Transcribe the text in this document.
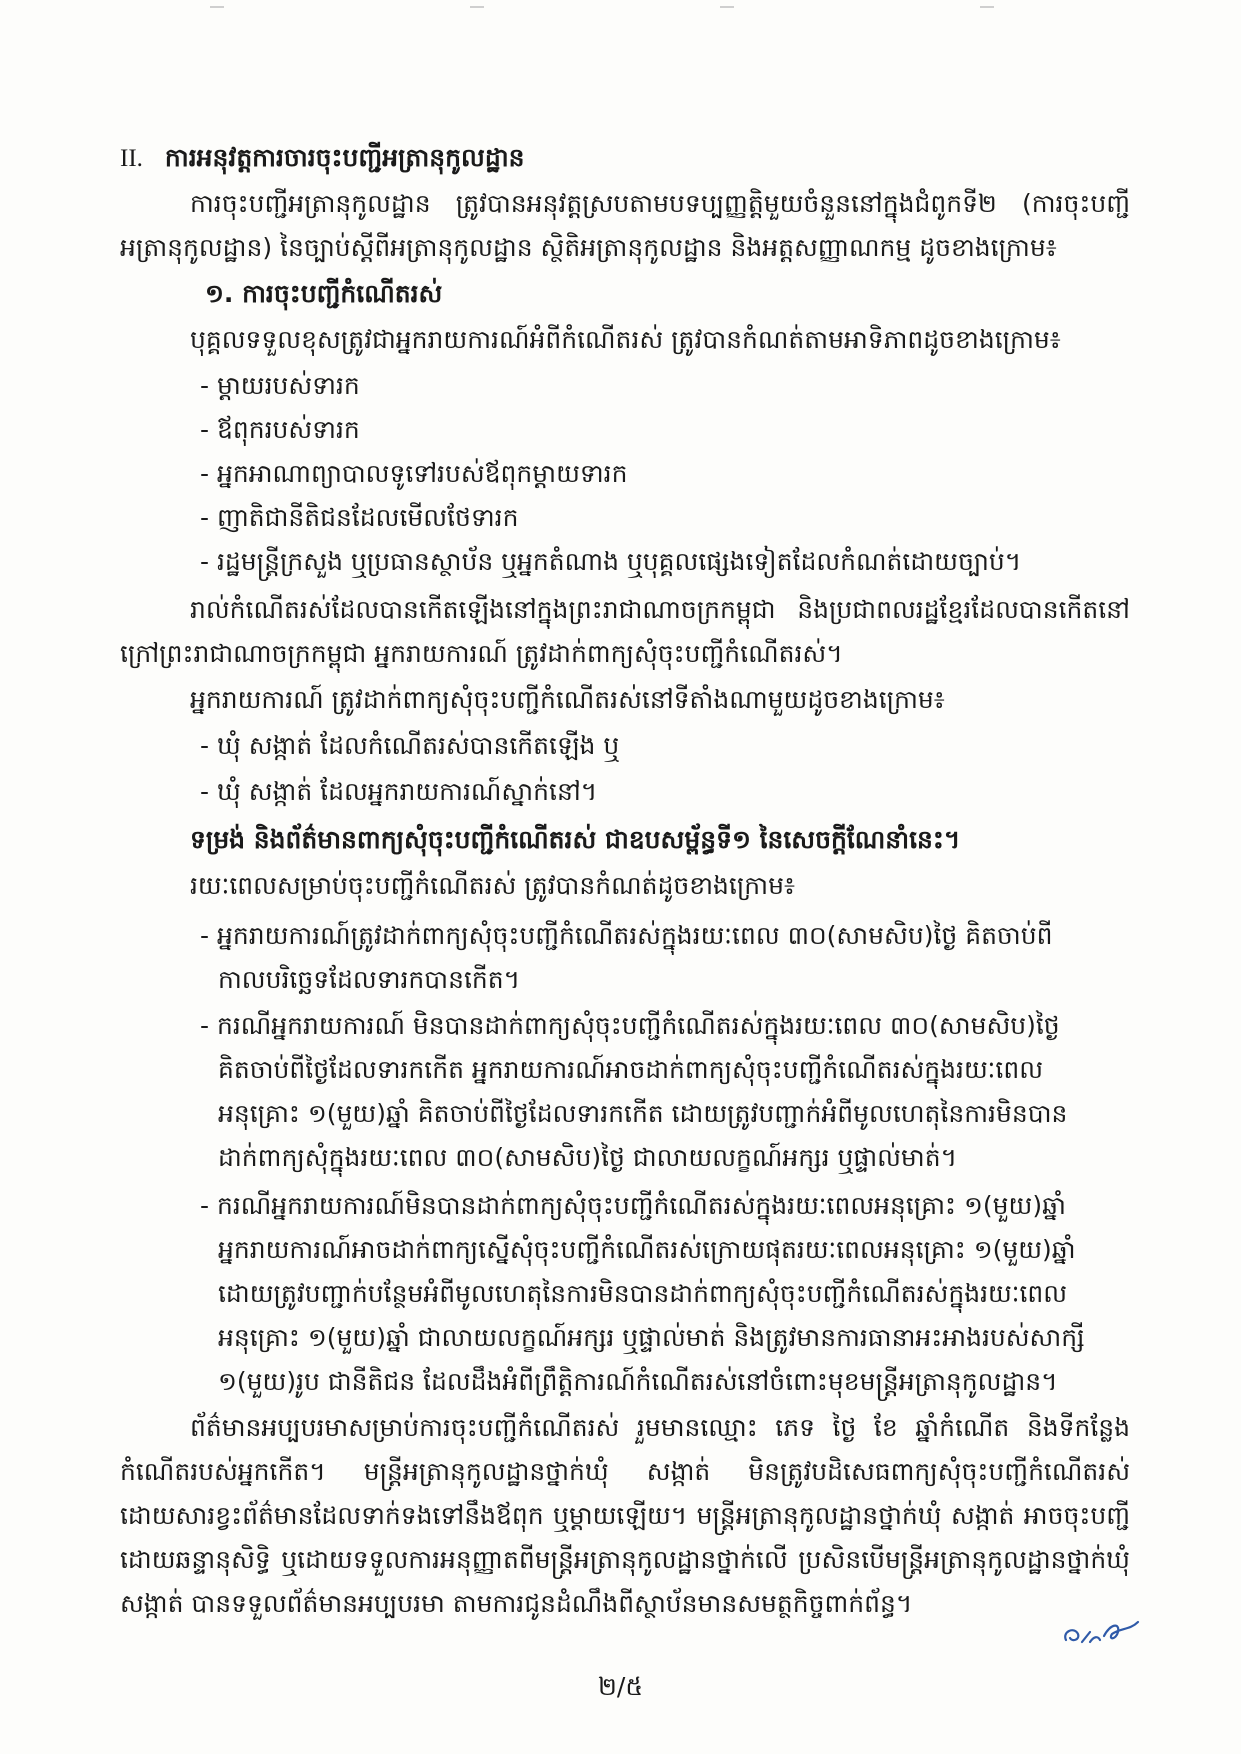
II. ការអនុវត្តការចារចុះបញ្ជីអត្រានុកូលដ្ឋាន
ការចុះបញ្ជីអត្រានុកូលដ្ឋាន ត្រូវបានអនុវត្តស្របតាមបទប្បញ្ញត្តិមួយចំនួននៅក្នុងជំពូកទី២ (ការចុះបញ្ជីអត្រានុកូលដ្ឋាន) នៃច្បាប់ស្តីពីអត្រានុកូលដ្ឋាន ស្ថិតិអត្រានុកូលដ្ឋាន និងអត្តសញ្ញាណកម្ម ដូចខាងក្រោម៖
១. ការចុះបញ្ជីកំណើតរស់
បុគ្គលទទួលខុសត្រូវជាអ្នករាយការណ៍អំពីកំណើតរស់ ត្រូវបានកំណត់តាមអាទិភាពដូចខាងក្រោម៖
- ម្ដាយរបស់ទារក
- ឪពុករបស់ទារក
- អ្នកអាណាព្យាបាលទូទៅរបស់ឪពុកម្ដាយទារក
- ញាតិជានីតិជនដែលមើលថែទារក
- រដ្ឋមន្ត្រីក្រសួង ឬប្រធានស្ថាប័ន ឬអ្នកតំណាង ឬបុគ្គលផ្សេងទៀតដែលកំណត់ដោយច្បាប់។
រាល់កំណើតរស់ដែលបានកើតឡើងនៅក្នុងព្រះរាជាណាចក្រកម្ពុជា និងប្រជាពលរដ្ឋខ្មែរដែលបានកើតនៅក្រៅព្រះរាជាណាចក្រកម្ពុជា អ្នករាយការណ៍ ត្រូវដាក់ពាក្យសុំចុះបញ្ជីកំណើតរស់។
អ្នករាយការណ៍ ត្រូវដាក់ពាក្យសុំចុះបញ្ជីកំណើតរស់នៅទីតាំងណាមួយដូចខាងក្រោម៖
- ឃុំ សង្កាត់ ដែលកំណើតរស់បានកើតឡើង ឬ
- ឃុំ សង្កាត់ ដែលអ្នករាយការណ៍ស្នាក់នៅ។
ទម្រង់ និងព័ត៌មានពាក្យសុំចុះបញ្ជីកំណើតរស់ ជាឧបសម្ព័ន្ធទី១ នៃសេចក្ដីណែនាំនេះ។
រយៈពេលសម្រាប់ចុះបញ្ជីកំណើតរស់ ត្រូវបានកំណត់ដូចខាងក្រោម៖
- អ្នករាយការណ៍ត្រូវដាក់ពាក្យសុំចុះបញ្ជីកំណើតរស់ក្នុងរយៈពេល ៣០(សាមសិប)ថ្ងៃ គិតចាប់ពី
កាលបរិច្ឆេទដែលទារកបានកើត។
- ករណីអ្នករាយការណ៍ មិនបានដាក់ពាក្យសុំចុះបញ្ជីកំណើតរស់ក្នុងរយៈពេល ៣០(សាមសិប)ថ្ងៃ
គិតចាប់ពីថ្ងៃដែលទារកកើត អ្នករាយការណ៍អាចដាក់ពាក្យសុំចុះបញ្ជីកំណើតរស់ក្នុងរយៈពេល
អនុគ្រោះ ១(មួយ)ឆ្នាំ គិតចាប់ពីថ្ងៃដែលទារកកើត ដោយត្រូវបញ្ជាក់អំពីមូលហេតុនៃការមិនបាន
ដាក់ពាក្យសុំក្នុងរយៈពេល ៣០(សាមសិប)ថ្ងៃ ជាលាយលក្ខណ៍អក្សរ ឬផ្ទាល់មាត់។
- ករណីអ្នករាយការណ៍មិនបានដាក់ពាក្យសុំចុះបញ្ជីកំណើតរស់ក្នុងរយៈពេលអនុគ្រោះ ១(មួយ)ឆ្នាំ
អ្នករាយការណ៍អាចដាក់ពាក្យស្នើសុំចុះបញ្ជីកំណើតរស់ក្រោយផុតរយៈពេលអនុគ្រោះ ១(មួយ)ឆ្នាំ
ដោយត្រូវបញ្ជាក់បន្ថែមអំពីមូលហេតុនៃការមិនបានដាក់ពាក្យសុំចុះបញ្ជីកំណើតរស់ក្នុងរយៈពេល
អនុគ្រោះ ១(មួយ)ឆ្នាំ ជាលាយលក្ខណ៍អក្សរ ឬផ្ទាល់មាត់ និងត្រូវមានការធានាអះអាងរបស់សាក្សី
១(មួយ)រូប ជានីតិជន ដែលដឹងអំពីព្រឹត្តិការណ៍កំណើតរស់នៅចំពោះមុខមន្ត្រីអត្រានុកូលដ្ឋាន។
ព័ត៌មានអប្បបរមាសម្រាប់ការចុះបញ្ជីកំណើតរស់ រួមមានឈ្មោះ ភេទ ថ្ងៃ ខែ ឆ្នាំកំណើត និងទីកន្លែងកំណើតរបស់អ្នកកើត។ មន្ត្រីអត្រានុកូលដ្ឋានថ្នាក់ឃុំ សង្កាត់ មិនត្រូវបដិសេធពាក្យសុំចុះបញ្ជីកំណើតរស់ដោយសារខ្វះព័ត៌មានដែលទាក់ទងទៅនឹងឪពុក ឬម្ដាយឡើយ។ មន្ត្រីអត្រានុកូលដ្ឋានថ្នាក់ឃុំ សង្កាត់ អាចចុះបញ្ជីដោយឆន្ទានុសិទ្ធិ ឬដោយទទួលការអនុញ្ញាតពីមន្ត្រីអត្រានុកូលដ្ឋានថ្នាក់លើ ប្រសិនបើមន្ត្រីអត្រានុកូលដ្ឋានថ្នាក់ឃុំ សង្កាត់ បានទទួលព័ត៌មានអប្បបរមា តាមការជូនដំណឹងពីស្ថាប័នមានសមត្ថកិច្ចពាក់ព័ន្ធ។
២/៥
